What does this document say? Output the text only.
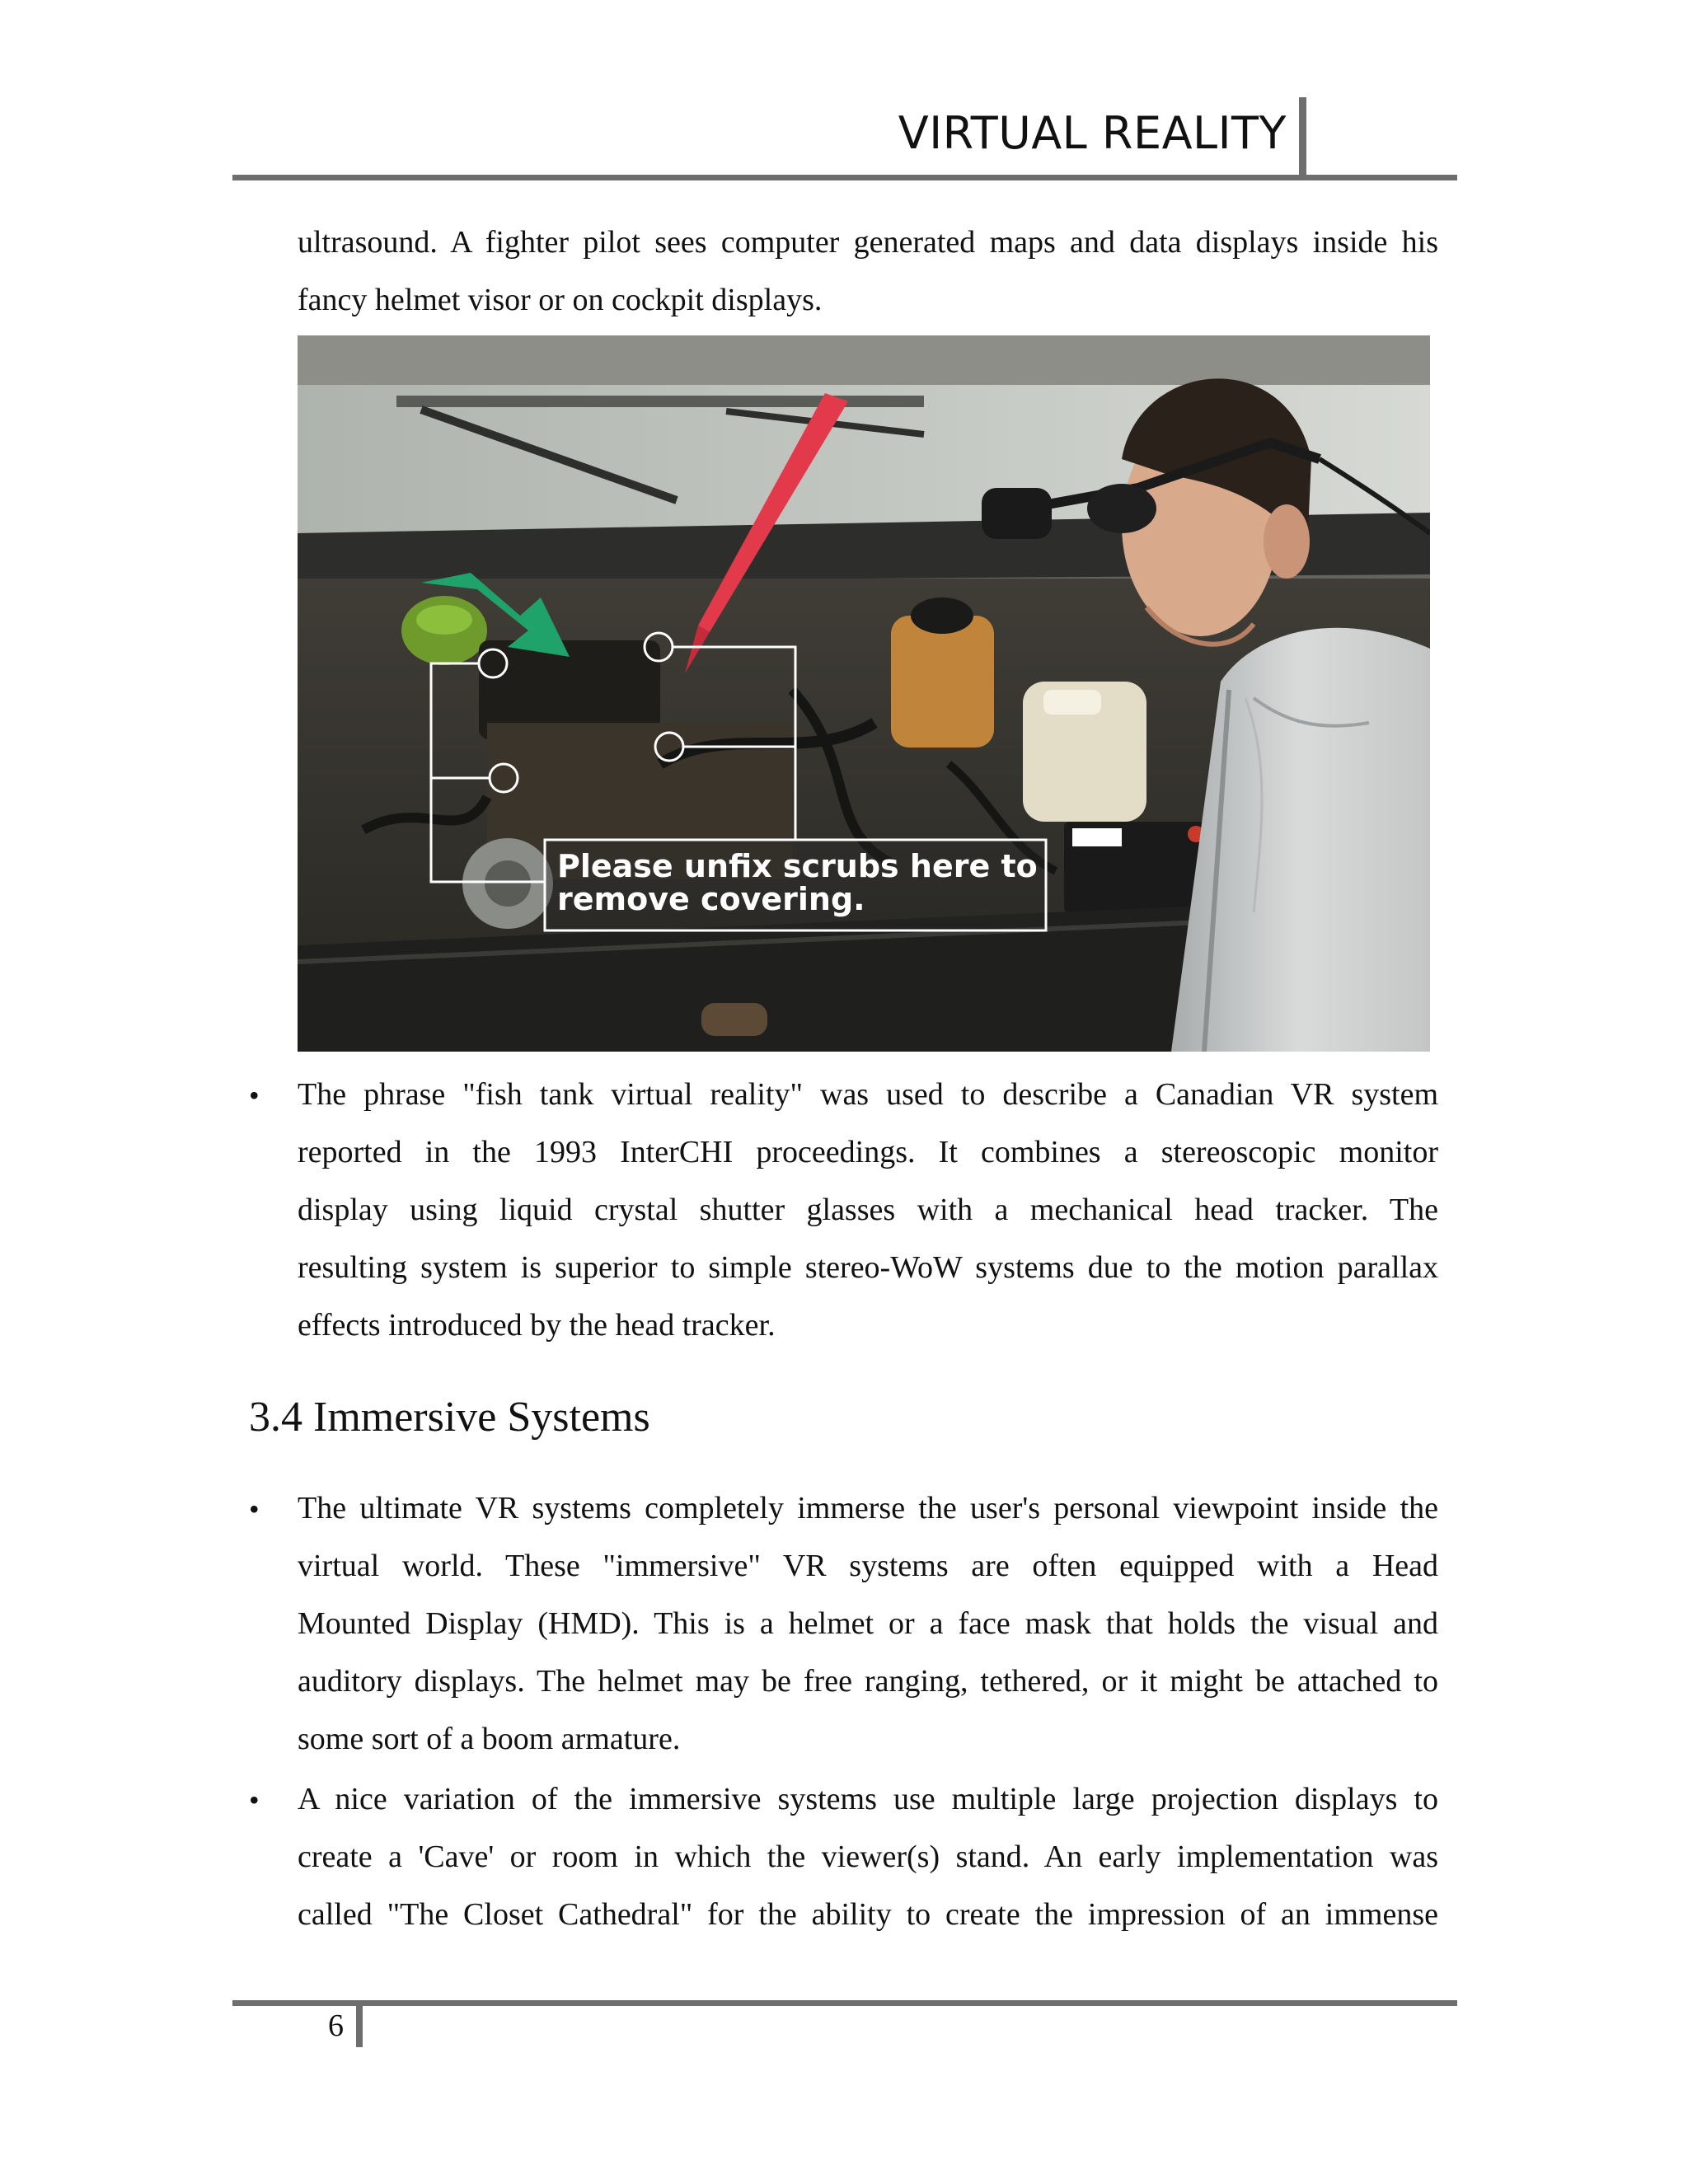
VIRTUAL REALITY
ultrasound. A fighter pilot sees computer generated maps and data displays inside his
fancy helmet visor or on cockpit displays.
Please unfix scrubs here to
remove covering.
• The phrase "fish tank virtual reality" was used to describe a Canadian VR system
reported in the 1993 InterCHI proceedings. It combines a stereoscopic monitor
display using liquid crystal shutter glasses with a mechanical head tracker. The
resulting system is superior to simple stereo-WoW systems due to the motion parallax
effects introduced by the head tracker.
3.4 Immersive Systems
• The ultimate VR systems completely immerse the user's personal viewpoint inside the
virtual world. These "immersive" VR systems are often equipped with a Head
Mounted Display (HMD). This is a helmet or a face mask that holds the visual and
auditory displays. The helmet may be free ranging, tethered, or it might be attached to
some sort of a boom armature.
• A nice variation of the immersive systems use multiple large projection displays to
create a 'Cave' or room in which the viewer(s) stand. An early implementation was
called "The Closet Cathedral" for the ability to create the impression of an immense
6
